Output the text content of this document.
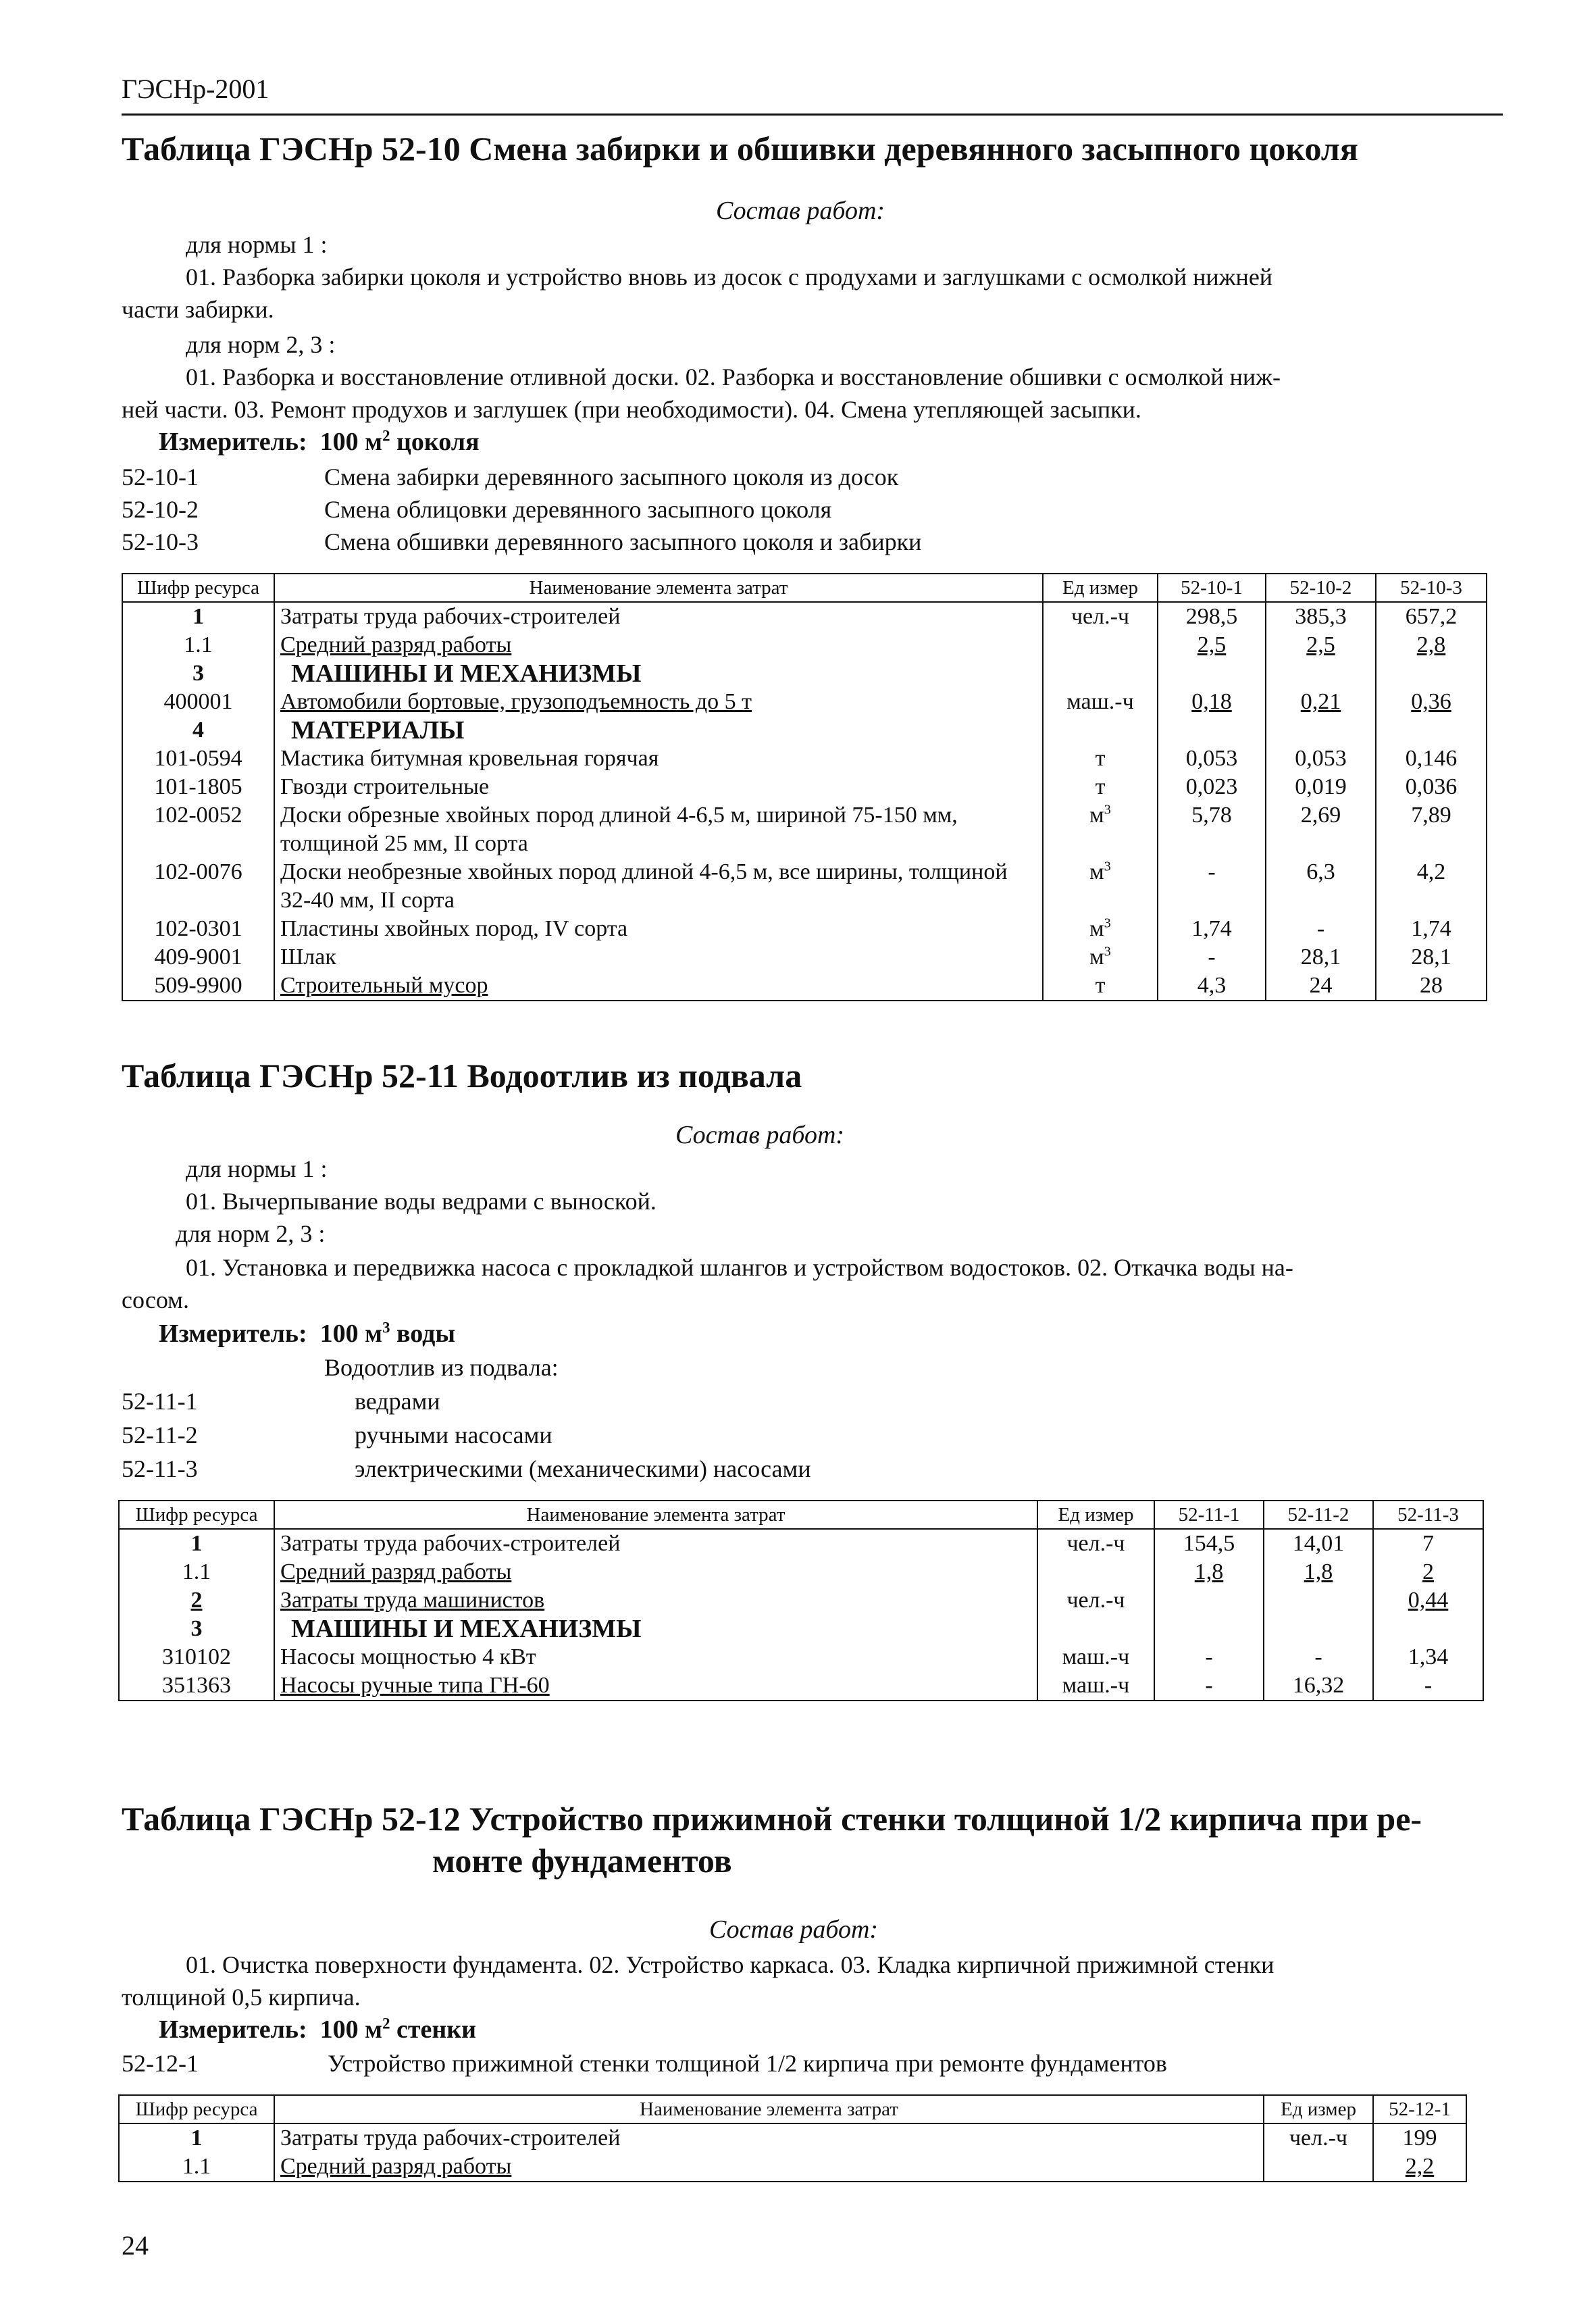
ГЭСНр-2001
Таблица ГЭСНр 52-10 Смена забирки и обшивки деревянного засыпного цоколя
Состав работ:
для нормы 1 :
01. Разборка забирки цоколя и устройство вновь из досок с продухами и заглушками с осмолкой нижней
части забирки.
для норм 2, 3 :
01. Разборка и восстановление отливной доски. 02. Разборка и восстановление обшивки с осмолкой ниж-
ней части. 03. Ремонт продухов и заглушек (при необходимости). 04. Смена утепляющей засыпки.
Измеритель: 100 $м^2$ цоколя
52-10-1	Смена забирки деревянного засыпного цоколя из досок
52-10-2	Смена облицовки деревянного засыпного цоколя
52-10-3	Смена обшивки деревянного засыпного цоколя и забирки
Шифр ресурса	Наименование элемента затрат	Ед измер	52-10-1	52-10-2	52-10-3
1	Затраты труда рабочих-строителей	чел.-ч	298,5	385,3	657,2
1.1	Средний разряд работы		2,5	2,5	2,8
3	МАШИНЫ И МЕХАНИЗМЫ				
400001	Автомобили бортовые, грузоподъемность до 5 т	маш.-ч	0,18	0,21	0,36
4	МАТЕРИАЛЫ				
101-0594	Мастика битумная кровельная горячая	т	0,053	0,053	0,146
101-1805	Гвозди строительные	т	0,023	0,019	0,036
102-0052	Доски обрезные хвойных пород длиной 4-6,5 м, шириной 75-150 мм, толщиной 25 мм, II сорта	$м^3$	5,78	2,69	7,89
102-0076	Доски необрезные хвойных пород длиной 4-6,5 м, все ширины, толщиной 32-40 мм, II сорта	$м^3$	-	6,3	4,2
102-0301	Пластины хвойных пород, IV сорта	$м^3$	1,74	-	1,74
409-9001	Шлак	$м^3$	-	28,1	28,1
509-9900	Строительный мусор	т	4,3	24	28
Таблица ГЭСНр 52-11 Водоотлив из подвала
Состав работ:
для нормы 1 :
01. Вычерпывание воды ведрами с выноской.
для норм 2, 3 :
01. Установка и передвижка насоса с прокладкой шлангов и устройством водостоков. 02. Откачка воды на-
сосом.
Измеритель: 100 $м^3$ воды
Водоотлив из подвала:
52-11-1	ведрами
52-11-2	ручными насосами
52-11-3	электрическими (механическими) насосами
Шифр ресурса	Наименование элемента затрат	Ед измер	52-11-1	52-11-2	52-11-3
1	Затраты труда рабочих-строителей	чел.-ч	154,5	14,01	7
1.1	Средний разряд работы		1,8	1,8	2
2	Затраты труда машинистов	чел.-ч			0,44
3	МАШИНЫ И МЕХАНИЗМЫ				
310102	Насосы мощностью 4 кВт	маш.-ч	-	-	1,34
351363	Насосы ручные типа ГН-60	маш.-ч	-	16,32	-
Таблица ГЭСНр 52-12 Устройство прижимной стенки толщиной 1/2 кирпича при ре-
монте фундаментов
Состав работ:
01. Очистка поверхности фундамента. 02. Устройство каркаса. 03. Кладка кирпичной прижимной стенки
толщиной 0,5 кирпича.
Измеритель: 100 $м^2$ стенки
52-12-1	Устройство прижимной стенки толщиной 1/2 кирпича при ремонте фундаментов
Шифр ресурса	Наименование элемента затрат	Ед измер	52-12-1
1	Затраты труда рабочих-строителей	чел.-ч	199
1.1	Средний разряд работы		2,2
24
